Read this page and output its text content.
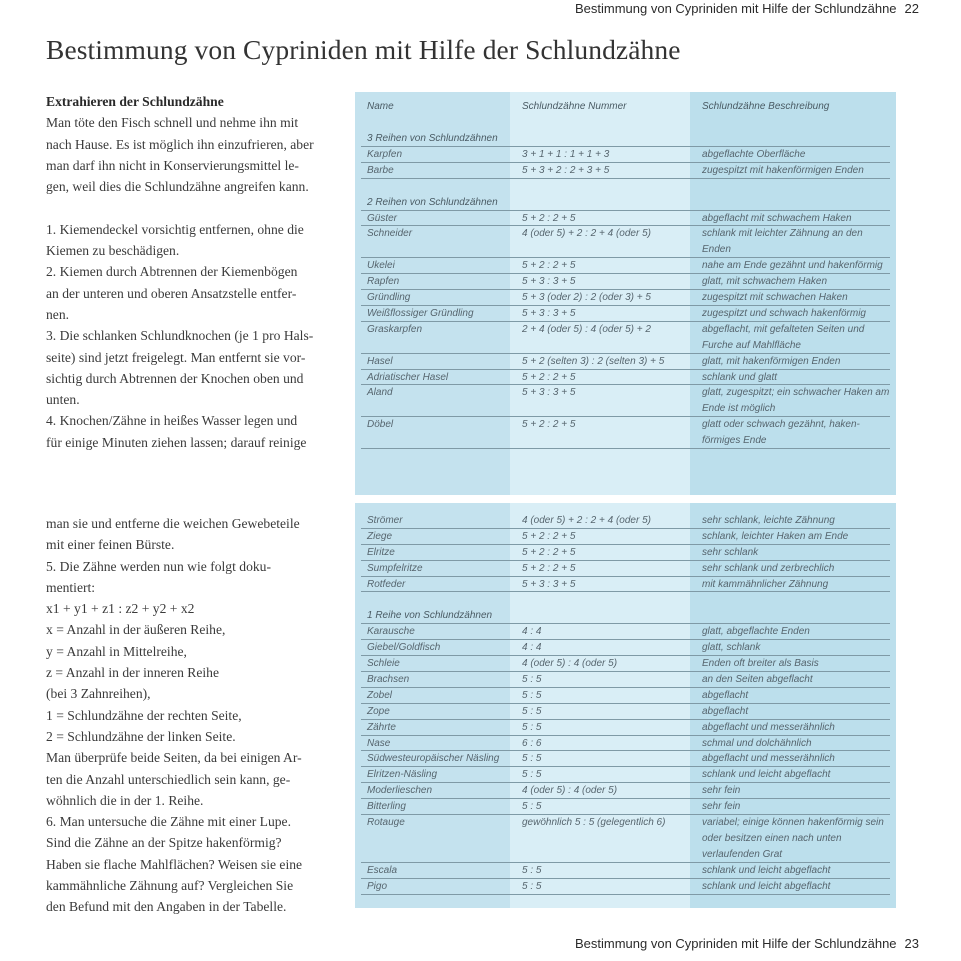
Bestimmung von Cypriniden mit Hilfe der Schlundzähne 22
Bestimmung von Cypriniden mit Hilfe der Schlundzähne
Extrahieren der Schlundzähne
Man töte den Fisch schnell und nehme ihn mit
nach Hause. Es ist möglich ihn einzufrieren, aber
man darf ihn nicht in Konservierungsmittel le-
gen, weil dies die Schlundzähne angreifen kann.
1. Kiemendeckel vorsichtig entfernen, ohne die
Kiemen zu beschädigen.
2. Kiemen durch Abtrennen der Kiemenbögen
an der unteren und oberen Ansatzstelle entfer-
nen.
3. Die schlanken Schlundknochen (je 1 pro Hals-
seite) sind jetzt freigelegt. Man entfernt sie vor-
sichtig durch Abtrennen der Knochen oben und
unten.
4. Knochen/Zähne in heißes Wasser legen und
für einige Minuten ziehen lassen; darauf reinige
man sie und entferne die weichen Gewebeteile
mit einer feinen Bürste.
5. Die Zähne werden nun wie folgt doku-
mentiert:
x1 + y1 + z1 : z2 + y2 + x2
x = Anzahl in der äußeren Reihe,
y = Anzahl in Mittelreihe,
z = Anzahl in der inneren Reihe
(bei 3 Zahnreihen),
1 = Schlundzähne der rechten Seite,
2 = Schlundzähne der linken Seite.
Man überprüfe beide Seiten, da bei einigen Ar-
ten die Anzahl unterschiedlich sein kann, ge-
wöhnlich die in der 1. Reihe.
6. Man untersuche die Zähne mit einer Lupe.
Sind die Zähne an der Spitze hakenförmig?
Haben sie flache Mahlflächen? Weisen sie eine
kammähnliche Zähnung auf? Vergleichen Sie
den Befund mit den Angaben in der Tabelle.
Name	Schlundzähne Nummer	Schlundzähne Beschreibung
3 Reihen von Schlundzähnen
Karpfen	3 + 1 + 1 : 1 + 1 + 3	abgeflachte Oberfläche
Barbe	5 + 3 + 2 : 2 + 3 + 5	zugespitzt mit hakenförmigen Enden
2 Reihen von Schlundzähnen
Güster	5 + 2 : 2 + 5	abgeflacht mit schwachem Haken
Schneider	4 (oder 5) + 2 : 2 + 4 (oder 5)	schlank mit leichter Zähnung an den Enden
Ukelei	5 + 2 : 2 + 5	nahe am Ende gezähnt und hakenförmig
Rapfen	5 + 3 : 3 + 5	glatt, mit schwachem Haken
Gründling	5 + 3 (oder 2) : 2 (oder 3) + 5	zugespitzt mit schwachen Haken
Weißflossiger Gründling	5 + 3 : 3 + 5	zugespitzt und schwach hakenförmig
Graskarpfen	2 + 4 (oder 5) : 4 (oder 5) + 2	abgeflacht, mit gefalteten Seiten und Furche auf Mahlfläche
Hasel	5 + 2 (selten 3) : 2 (selten 3) + 5	glatt, mit hakenförmigen Enden
Adriatischer Hasel	5 + 2 : 2 + 5	schlank und glatt
Aland	5 + 3 : 3 + 5	glatt, zugespitzt; ein schwacher Haken am Ende ist möglich
Döbel	5 + 2 : 2 + 5	glatt oder schwach gezähnt, haken-förmiges Ende
Strömer	4 (oder 5) + 2 : 2 + 4 (oder 5)	sehr schlank, leichte Zähnung
Ziege	5 + 2 : 2 + 5	schlank, leichter Haken am Ende
Elritze	5 + 2 : 2 + 5	sehr schlank
Sumpfelritze	5 + 2 : 2 + 5	sehr schlank und zerbrechlich
Rotfeder	5 + 3 : 3 + 5	mit kammähnlicher Zähnung
1 Reihe von Schlundzähnen
Karausche	4 : 4	glatt, abgeflachte Enden
Giebel/Goldfisch	4 : 4	glatt, schlank
Schleie	4 (oder 5) : 4 (oder 5)	Enden oft breiter als Basis
Brachsen	5 : 5	an den Seiten abgeflacht
Zobel	5 : 5	abgeflacht
Zope	5 : 5	abgeflacht
Zährte	5 : 5	abgeflacht und messerähnlich
Nase	6 : 6	schmal und dolchähnlich
Südwesteuropäischer Näsling	5 : 5	abgeflacht und messerähnlich
Elritzen-Näsling	5 : 5	schlank und leicht abgeflacht
Moderlieschen	4 (oder 5) : 4 (oder 5)	sehr fein
Bitterling	5 : 5	sehr fein
Rotauge	gewöhnlich 5 : 5 (gelegentlich 6)	variabel; einige können hakenförmig sein oder besitzen einen nach unten verlaufenden Grat
Escala	5 : 5	schlank und leicht abgeflacht
Pigo	5 : 5	schlank und leicht abgeflacht
Bestimmung von Cypriniden mit Hilfe der Schlundzähne 23
